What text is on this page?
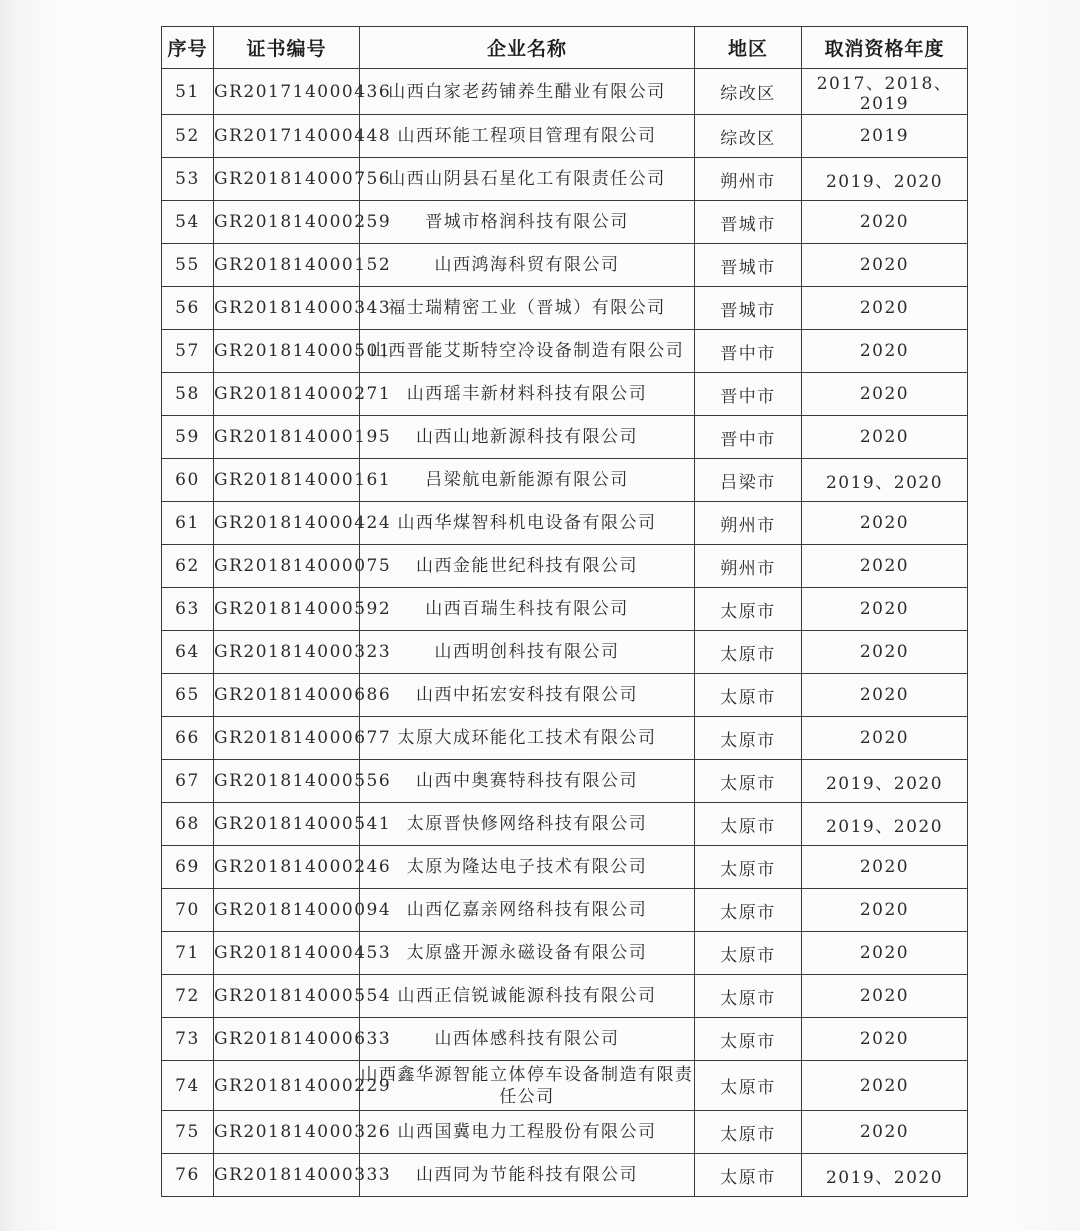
序号	证书编号	企业名称	地区	取消资格年度
51	GR201714000436	山西白家老药铺养生醋业有限公司	综改区	2017、2018、2019
52	GR201714000448	山西环能工程项目管理有限公司	综改区	2019
53	GR201814000756	山西山阴县石星化工有限责任公司	朔州市	2019、2020
54	GR201814000259	晋城市格润科技有限公司	晋城市	2020
55	GR201814000152	山西鸿海科贸有限公司	晋城市	2020
56	GR201814000343	福士瑞精密工业（晋城）有限公司	晋城市	2020
57	GR201814000501	山西晋能艾斯特空冷设备制造有限公司	晋中市	2020
58	GR201814000271	山西瑶丰新材料科技有限公司	晋中市	2020
59	GR201814000195	山西山地新源科技有限公司	晋中市	2020
60	GR201814000161	吕梁航电新能源有限公司	吕梁市	2019、2020
61	GR201814000424	山西华煤智科机电设备有限公司	朔州市	2020
62	GR201814000075	山西金能世纪科技有限公司	朔州市	2020
63	GR201814000592	山西百瑞生科技有限公司	太原市	2020
64	GR201814000323	山西明创科技有限公司	太原市	2020
65	GR201814000686	山西中拓宏安科技有限公司	太原市	2020
66	GR201814000677	太原大成环能化工技术有限公司	太原市	2020
67	GR201814000556	山西中奥赛特科技有限公司	太原市	2019、2020
68	GR201814000541	太原晋快修网络科技有限公司	太原市	2019、2020
69	GR201814000246	太原为隆达电子技术有限公司	太原市	2020
70	GR201814000094	山西亿嘉亲网络科技有限公司	太原市	2020
71	GR201814000453	太原盛开源永磁设备有限公司	太原市	2020
72	GR201814000554	山西正信锐诚能源科技有限公司	太原市	2020
73	GR201814000633	山西体感科技有限公司	太原市	2020
74	GR201814000229	山西鑫华源智能立体停车设备制造有限责任公司	太原市	2020
75	GR201814000326	山西国冀电力工程股份有限公司	太原市	2020
76	GR201814000333	山西同为节能科技有限公司	太原市	2019、2020
